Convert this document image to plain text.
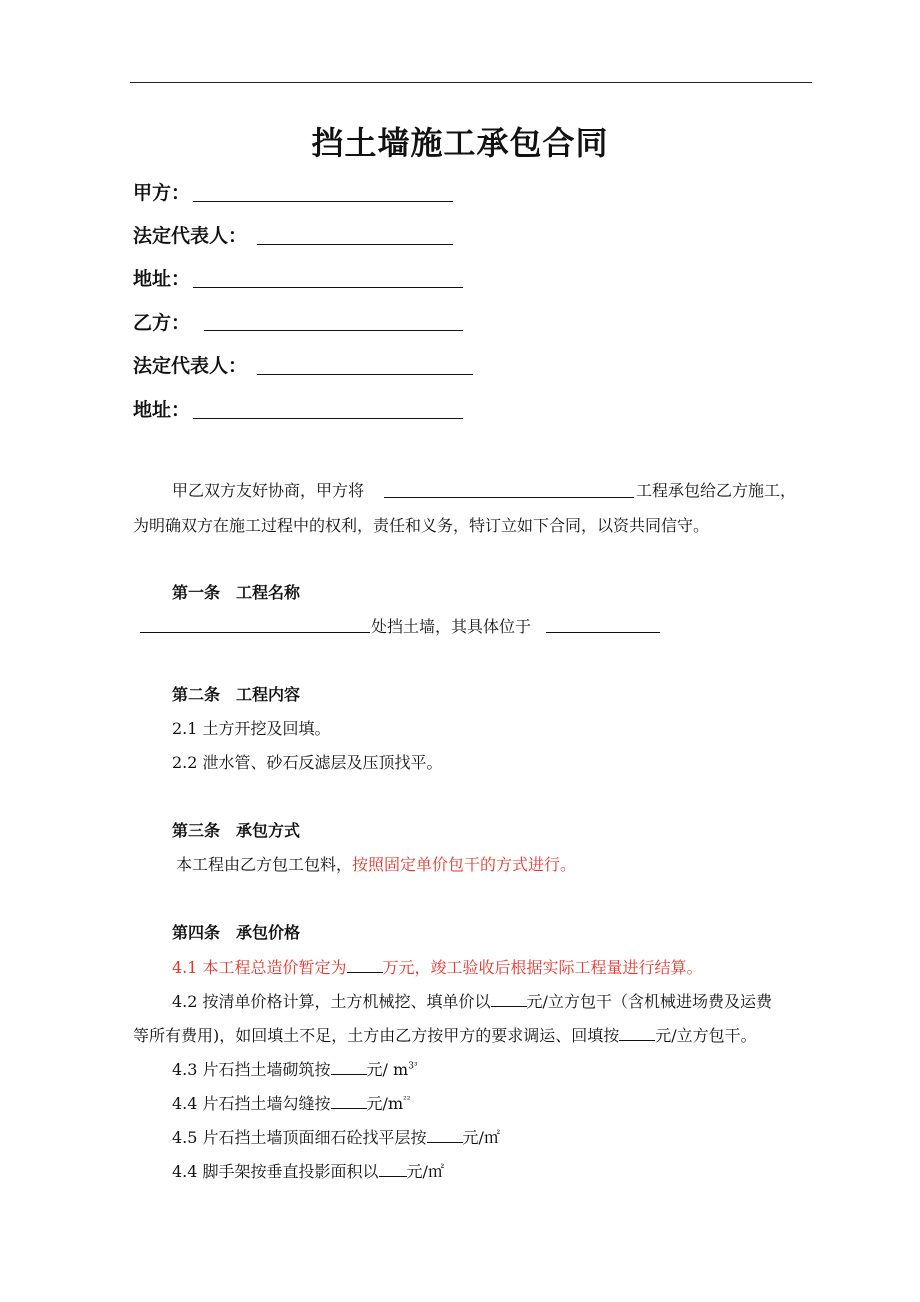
挡土墙施工承包合同
甲方：
法定代表人：
地址：
乙方：
法定代表人：
地址：
甲乙双方友好协商，甲方将	工程承包给乙方施工，
为明确双方在施工过程中的权利，责任和义务，特订立如下合同，以资共同信守。
第一条　工程名称
处挡土墙，其具体位于
第二条　工程内容
2.1 土方开挖及回填。
2.2 泄水管、砂石反滤层及压顶找平。
第三条　承包方式
本工程由乙方包工包料，按照固定单价包干的方式进行。
第四条　承包价格
4.1 本工程总造价暂定为 万元，竣工验收后根据实际工程量进行结算。
4.2 按清单价格计算，土方机械挖、填单价以 元/立方包干（含机械进场费及运费
等所有费用)，如回填土不足，土方由乙方按甲方的要求调运、回填按 元/立方包干。
4.3 片石挡土墙砌筑按 元/ $m^{3^3}$
4.4 片石挡土墙勾缝按 元$/m^{^{22}}$
4.5 片石挡土墙顶面细石砼找平层按 元/㎡
4.4 脚手架按垂直投影面积以 元/㎡
